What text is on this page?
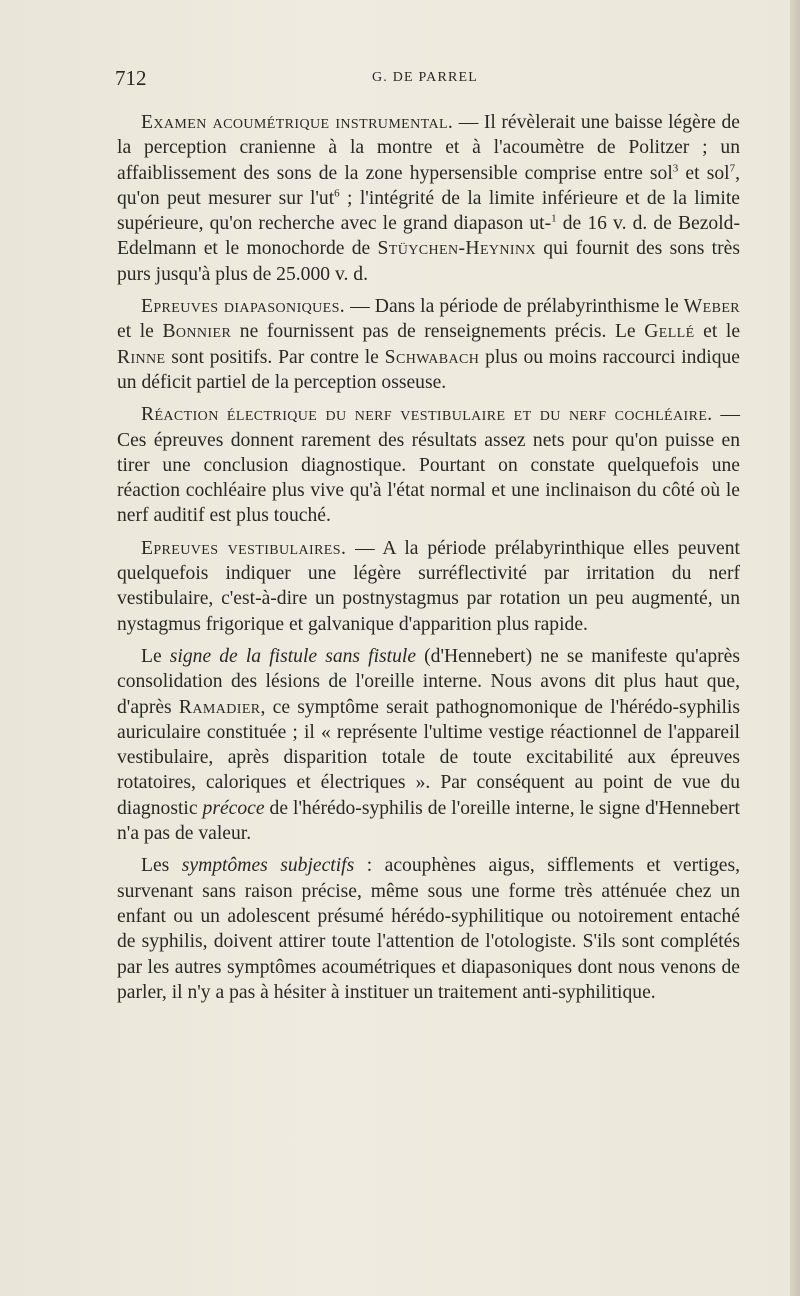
712	G. DE PARREL

Examen acoumétrique instrumental. — Il révèlerait une baisse légère de la perception cranienne à la montre et à l'acoumètre de Politzer ; un affaiblissement des sons de la zone hypersensible comprise entre sol$^3$ et sol$^7$, qu'on peut mesurer sur $l'ut^6$ ; l'intégrité de la limite inférieure et de la limite supérieure, qu'on recherche avec le grand diapason ut-$^1$ de 16 v. d. de Bezold-Edelmann et le monochorde de Stüychen-Heyninx qui fournit des sons très purs jusqu'à plus de 25.000 v. d.

Epreuves diapasoniques. — Dans la période de prélabyrinthisme le Weber et le Bonnier ne fournissent pas de renseignements précis. Le Gellé et le Rinne sont positifs. Par contre le Schwabach plus ou moins raccourci indique un déficit partiel de la perception osseuse.

Réaction électrique du nerf vestibulaire et du nerf cochléaire. — Ces épreuves donnent rarement des résultats assez nets pour qu'on puisse en tirer une conclusion diagnostique. Pourtant on constate quelquefois une réaction cochléaire plus vive qu'à l'état normal et une inclinaison du côté où le nerf auditif est plus touché.

Epreuves vestibulaires. — A la période prélabyrinthique elles peuvent quelquefois indiquer une légère surréflectivité par irritation du nerf vestibulaire, c'est-à-dire un postnystagmus par rotation un peu augmenté, un nystagmus frigorique et galvanique d'apparition plus rapide.

Le signe de la fistule sans fistule (d'Hennebert) ne se manifeste qu'après consolidation des lésions de l'oreille interne. Nous avons dit plus haut que, d'après Ramadier, ce symptôme serait pathognomonique de l'hérédo-syphilis auriculaire constituée ; il « représente l'ultime vestige réactionnel de l'appareil vestibulaire, après disparition totale de toute excitabilité aux épreuves rotatoires, caloriques et électriques ». Par conséquent au point de vue du diagnostic précoce de l'hérédo-syphilis de l'oreille interne, le signe d'Hennebert n'a pas de valeur.

Les symptômes subjectifs : acouphènes aigus, sifflements et vertiges, survenant sans raison précise, même sous une forme très atténuée chez un enfant ou un adolescent présumé hérédo-syphilitique ou notoirement entaché de syphilis, doivent attirer toute l'attention de l'otologiste. S'ils sont complétés par les autres symptômes acoumétriques et diapasoniques dont nous venons de parler, il n'y a pas à hésiter à instituer un traitement anti-syphilitique.
